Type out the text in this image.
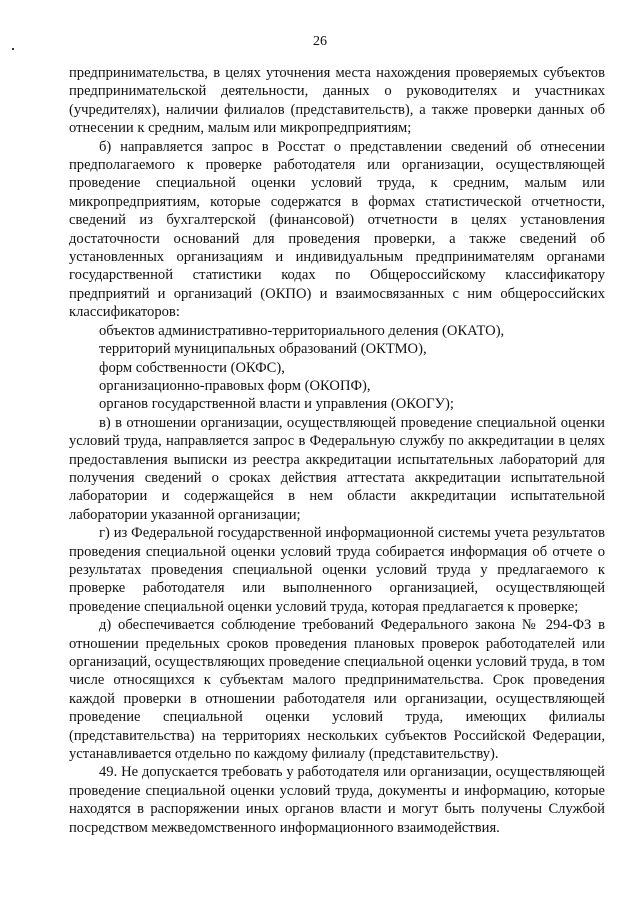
26

предпринимательства, в целях уточнения места нахождения проверяемых субъектов предпринимательской деятельности, данных о руководителях и участниках (учредителях), наличии филиалов (представительств), а также проверки данных об отнесении к средним, малым или микропредприятиям;

б) направляется запрос в Росстат о представлении сведений об отнесении предполагаемого к проверке работодателя или организации, осуществляющей проведение специальной оценки условий труда, к средним, малым или микропредприятиям, которые содержатся в формах статистической отчетности, сведений из бухгалтерской (финансовой) отчетности в целях установления достаточности оснований для проведения проверки, а также сведений об установленных организациям и индивидуальным предпринимателям органами государственной статистики кодах по Общероссийскому классификатору предприятий и организаций (ОКПО) и взаимосвязанных с ним общероссийских классификаторов:

объектов административно-территориального деления (ОКАТО),

территорий муниципальных образований (ОКТМО),

форм собственности (ОКФС),

организационно-правовых форм (ОКОПФ),

органов государственной власти и управления (ОКОГУ);

в) в отношении организации, осуществляющей проведение специальной оценки условий труда, направляется запрос в Федеральную службу по аккредитации в целях предоставления выписки из реестра аккредитации испытательных лабораторий для получения сведений о сроках действия аттестата аккредитации испытательной лаборатории и содержащейся в нем области аккредитации испытательной лаборатории указанной организации;

г) из Федеральной государственной информационной системы учета результатов проведения специальной оценки условий труда собирается информация об отчете о результатах проведения специальной оценки условий труда у предлагаемого к проверке работодателя или выполненного организацией, осуществляющей проведение специальной оценки условий труда, которая предлагается к проверке;

д) обеспечивается соблюдение требований Федерального закона № 294-ФЗ в отношении предельных сроков проведения плановых проверок работодателей или организаций, осуществляющих проведение специальной оценки условий труда, в том числе относящихся к субъектам малого предпринимательства. Срок проведения каждой проверки в отношении работодателя или организации, осуществляющей проведение специальной оценки условий труда, имеющих филиалы (представительства) на территориях нескольких субъектов Российской Федерации, устанавливается отдельно по каждому филиалу (представительству).

49. Не допускается требовать у работодателя или организации, осуществляющей проведение специальной оценки условий труда, документы и информацию, которые находятся в распоряжении иных органов власти и могут быть получены Службой посредством межведомственного информационного взаимодействия.
